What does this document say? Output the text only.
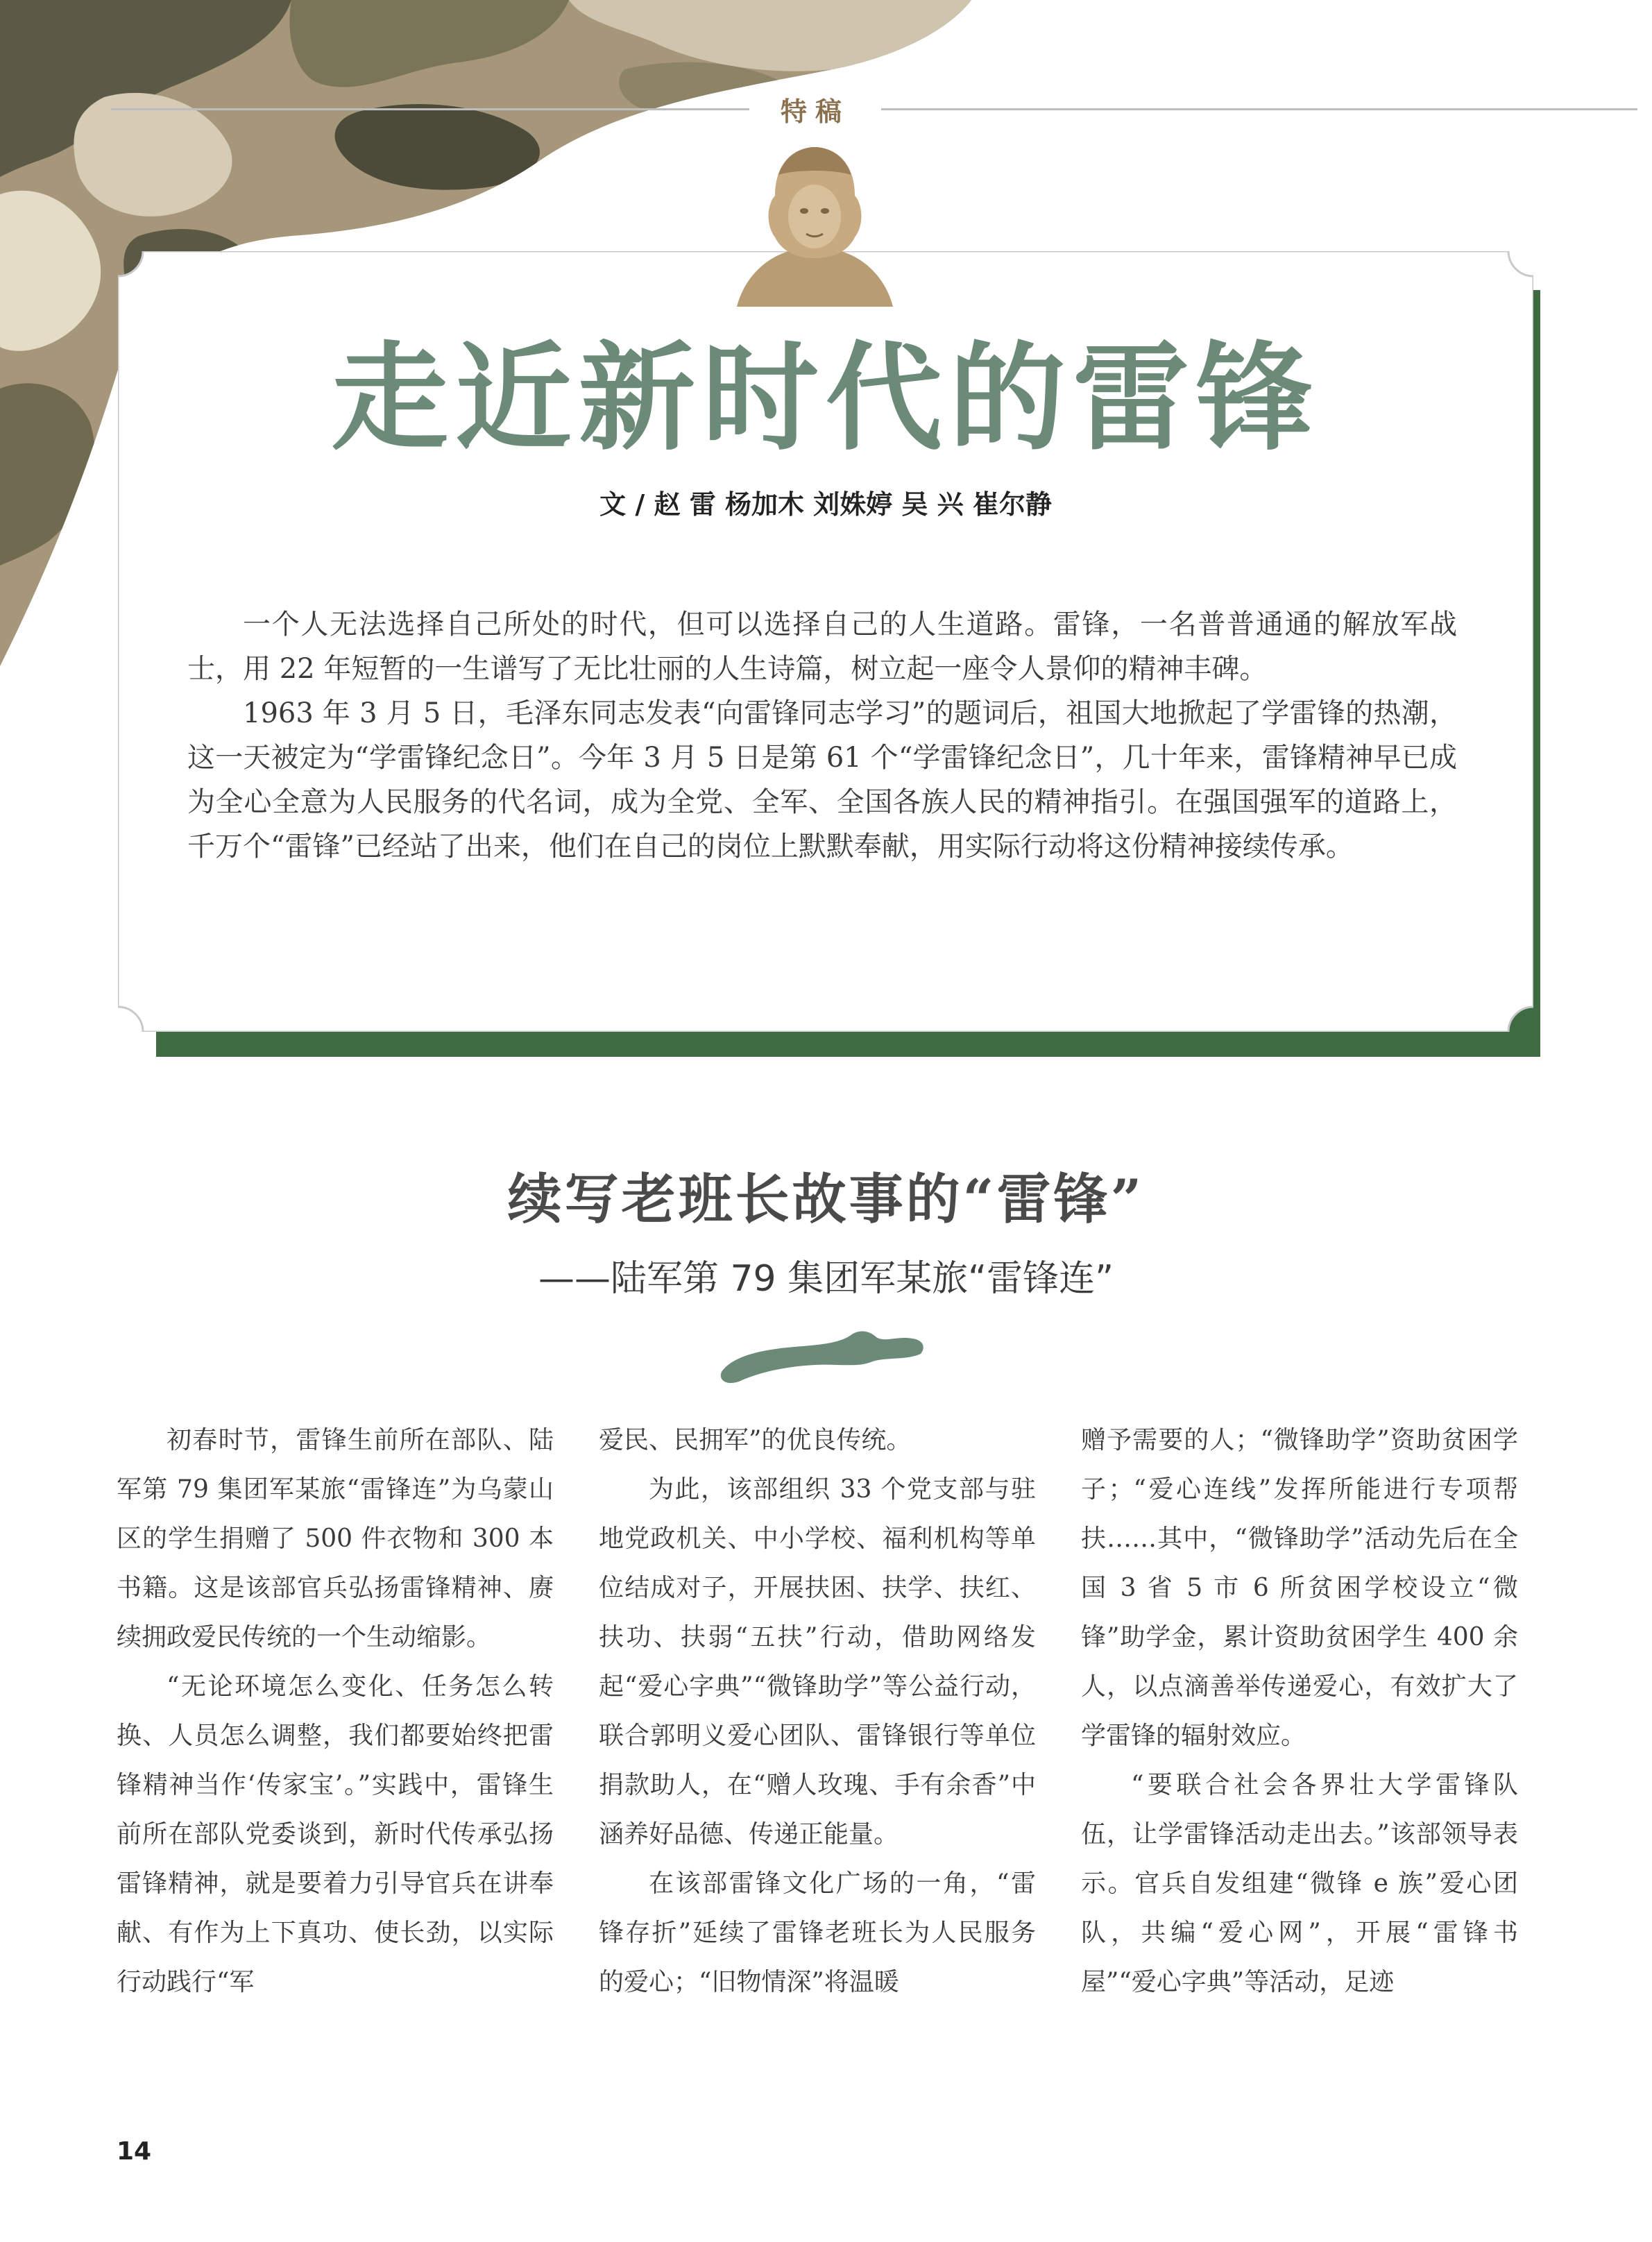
特稿
走近新时代的雷锋
文 / 赵 雷 杨加木 刘姝婷 吴 兴 崔尔静

一个人无法选择自己所处的时代，但可以选择自己的人生道路。雷锋，一名普普通通的解放军战士，用 22 年短暂的一生谱写了无比壮丽的人生诗篇，树立起一座令人景仰的精神丰碑。

1963 年 3 月 5 日，毛泽东同志发表“向雷锋同志学习”的题词后，祖国大地掀起了学雷锋的热潮，这一天被定为“学雷锋纪念日”。今年 3 月 5 日是第 61 个“学雷锋纪念日”，几十年来，雷锋精神早已成为全心全意为人民服务的代名词，成为全党、全军、全国各族人民的精神指引。在强国强军的道路上，千万个“雷锋”已经站了出来，他们在自己的岗位上默默奉献，用实际行动将这份精神接续传承。

续写老班长故事的“雷锋”
——陆军第 79 集团军某旅“雷锋连”

初春时节，雷锋生前所在部队、陆军第 79 集团军某旅“雷锋连”为乌蒙山区的学生捐赠了 500 件衣物和 300 本书籍。这是该部官兵弘扬雷锋精神、赓续拥政爱民传统的一个生动缩影。

“无论环境怎么变化、任务怎么转换、人员怎么调整，我们都要始终把雷锋精神当作‘传家宝’。”实践中，雷锋生前所在部队党委谈到，新时代传承弘扬雷锋精神，就是要着力引导官兵在讲奉献、有作为上下真功、使长劲，以实际行动践行“军

爱民、民拥军”的优良传统。

为此，该部组织 33 个党支部与驻地党政机关、中小学校、福利机构等单位结成对子，开展扶困、扶学、扶红、扶功、扶弱“五扶”行动，借助网络发起“爱心字典”“微锋助学”等公益行动，联合郭明义爱心团队、雷锋银行等单位捐款助人，在“赠人玫瑰、手有余香”中涵养好品德、传递正能量。

在该部雷锋文化广场的一角，“雷锋存折”延续了雷锋老班长为人民服务的爱心；“旧物情深”将温暖

赠予需要的人；“微锋助学”资助贫困学子；“爱心连线”发挥所能进行专项帮扶……其中，“微锋助学”活动先后在全国 3 省 5 市 6 所贫困学校设立“微锋”助学金，累计资助贫困学生 400 余人，以点滴善举传递爱心，有效扩大了学雷锋的辐射效应。

“要联合社会各界壮大学雷锋队伍，让学雷锋活动走出去。”该部领导表示。官兵自发组建“微锋 e 族”爱心团队，共编“爱心网”，开展“雷锋书屋”“爱心字典”等活动，足迹

14
